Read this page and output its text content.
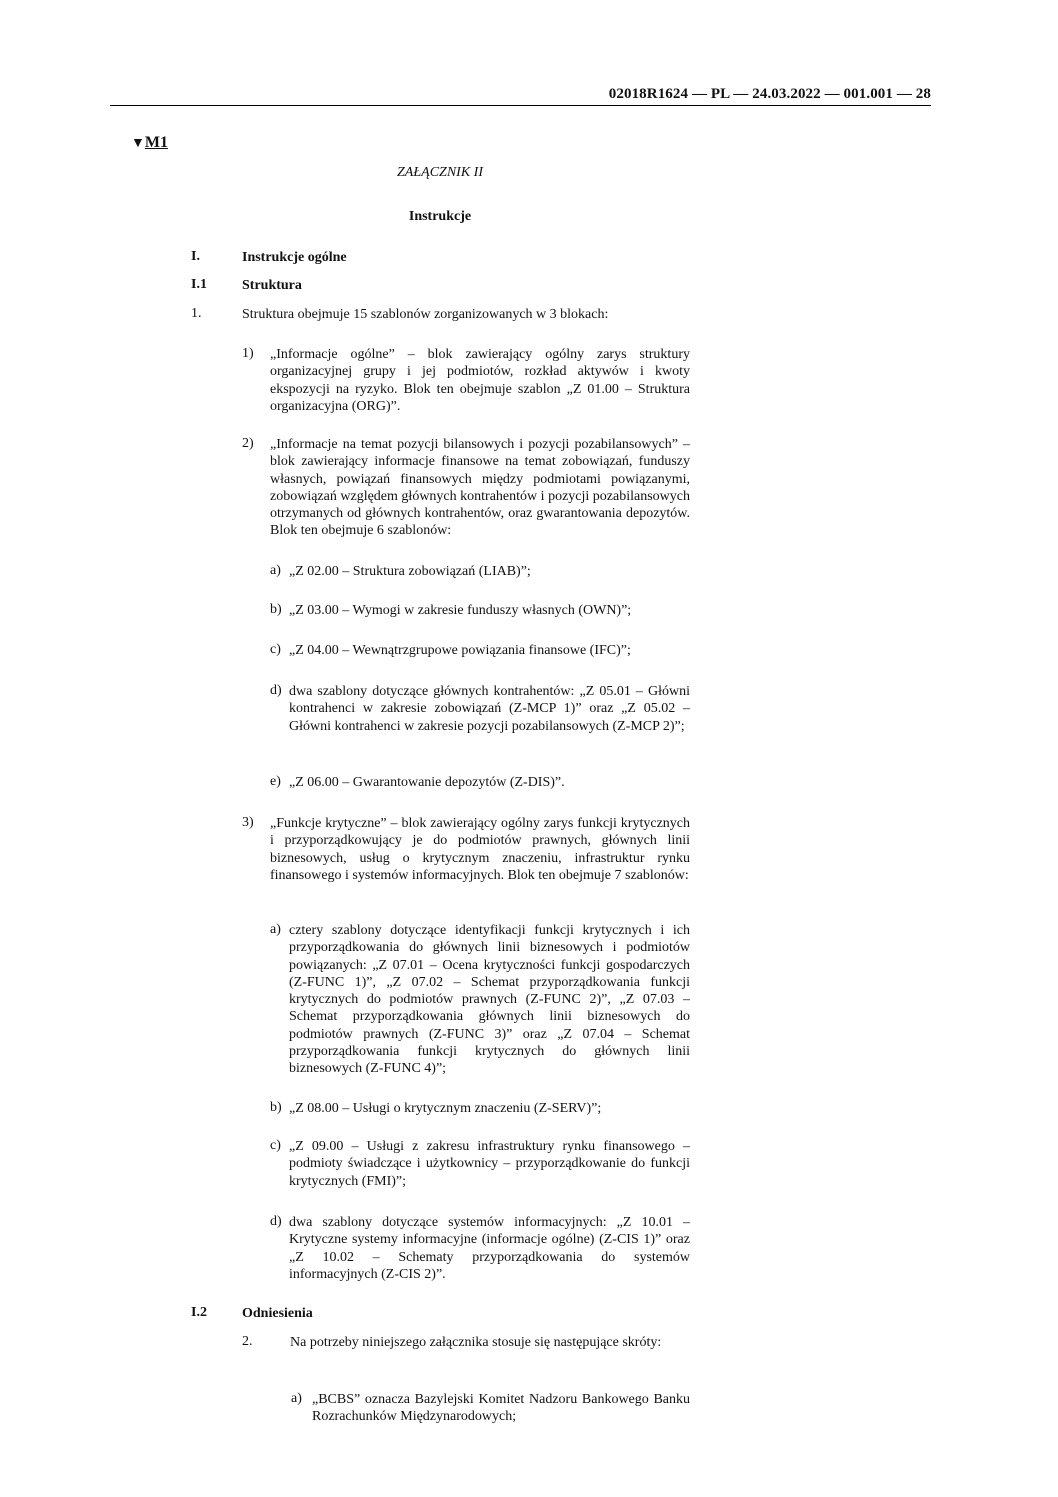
02018R1624 — PL — 24.03.2022 — 001.001 — 28
▼M1
ZAŁĄCZNIK II
Instrukcje
I.	Instrukcje ogólne
I.1	Struktura
1.	Struktura obejmuje 15 szablonów zorganizowanych w 3 blokach:
1) „Informacje ogólne” – blok zawierający ogólny zarys struktury organizacyjnej grupy i jej podmiotów, rozkład aktywów i kwoty ekspozycji na ryzyko. Blok ten obejmuje szablon „Z 01.00 – Struktura organizacyjna (ORG)”.
2) „Informacje na temat pozycji bilansowych i pozycji pozabilansowych” – blok zawierający informacje finansowe na temat zobowiązań, funduszy własnych, powiązań finansowych między podmiotami powiązanymi, zobowiązań względem głównych kontrahentów i pozycji pozabilansowych otrzymanych od głównych kontrahentów, oraz gwarantowania depozytów. Blok ten obejmuje 6 szablonów:
a) „Z 02.00 – Struktura zobowiązań (LIAB)”;
b) „Z 03.00 – Wymogi w zakresie funduszy własnych (OWN)”;
c) „Z 04.00 – Wewnątrzgrupowe powiązania finansowe (IFC)”;
d) dwa szablony dotyczące głównych kontrahentów: „Z 05.01 – Główni kontrahenci w zakresie zobowiązań (Z-MCP 1)” oraz „Z 05.02 – Główni kontrahenci w zakresie pozycji pozabilansowych (Z-MCP 2)”;
e) „Z 06.00 – Gwarantowanie depozytów (Z-DIS)”.
3) „Funkcje krytyczne” – blok zawierający ogólny zarys funkcji krytycznych i przyporządkowujący je do podmiotów prawnych, głównych linii biznesowych, usług o krytycznym znaczeniu, infrastruktur rynku finansowego i systemów informacyjnych. Blok ten obejmuje 7 szablonów:
a) cztery szablony dotyczące identyfikacji funkcji krytycznych i ich przyporządkowania do głównych linii biznesowych i podmiotów powiązanych: „Z 07.01 – Ocena krytyczności funkcji gospodarczych (Z-FUNC 1)”, „Z 07.02 – Schemat przyporządkowania funkcji krytycznych do podmiotów prawnych (Z-FUNC 2)”, „Z 07.03 – Schemat przyporządkowania głównych linii biznesowych do podmiotów prawnych (Z-FUNC 3)” oraz „Z 07.04 – Schemat przyporządkowania funkcji krytycznych do głównych linii biznesowych (Z-FUNC 4)”;
b) „Z 08.00 – Usługi o krytycznym znaczeniu (Z-SERV)”;
c) „Z 09.00 – Usługi z zakresu infrastruktury rynku finansowego – podmioty świadczące i użytkownicy – przyporządkowanie do funkcji krytycznych (FMI)”;
d) dwa szablony dotyczące systemów informacyjnych: „Z 10.01 – Krytyczne systemy informacyjne (informacje ogólne) (Z-CIS 1)” oraz „Z 10.02 – Schematy przyporządkowania do systemów informacyjnych (Z-CIS 2)”.
I.2	Odniesienia
2.	Na potrzeby niniejszego załącznika stosuje się następujące skróty:
a) „BCBS” oznacza Bazylejski Komitet Nadzoru Bankowego Banku Rozrachunków Międzynarodowych;
